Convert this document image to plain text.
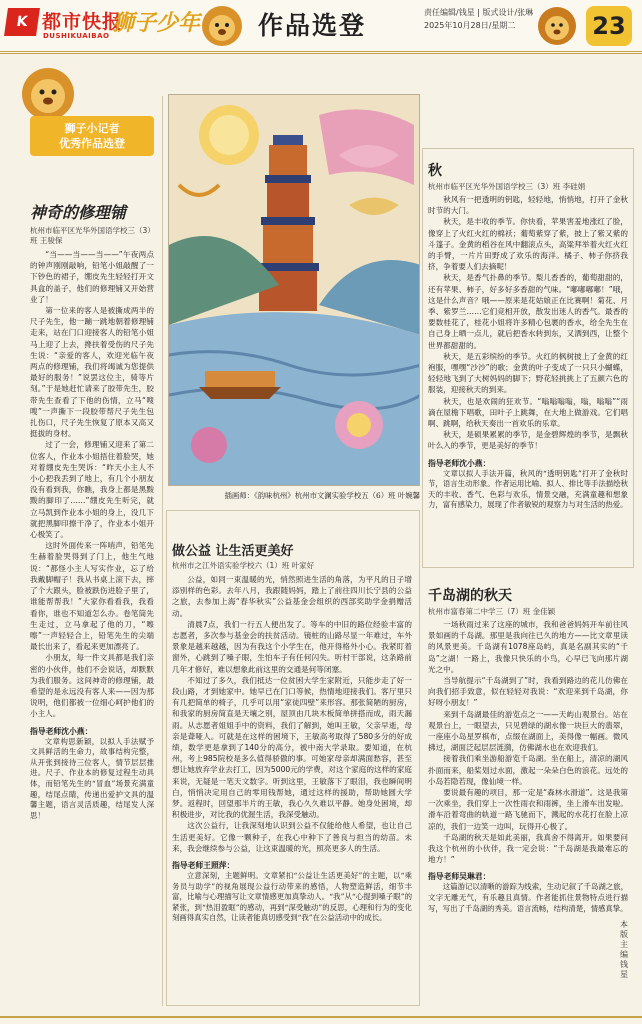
K 都市快报
DUSHIKUAIBAO 狮子少年 作品选登	责任编辑/钱星 | 版式设计/张琳
2025年10月28日/星期二	23
狮子小记者
优秀作品选登
神奇的修理铺
杭州市临平区光华外国语学校三（3）班 王骏保

“当——当——当——”午夜两点的钟声刚刚敲响，铅笔小姐敲醒了一下钞色的裙子，绷皮先生轻轻打开文具盒的盖子，他们的修理铺又开始营业了！

第一位来的客人是被撕成两半的尺子先生，他一蹦一跳地朝着修理铺走来，站在门口迎接客人的铅笔小姐马上迎了上去，搀扶着受伤的尺子先生说：“亲爱的客人，欢迎光临午夜两点的修理铺，我们将竭诚为您提供最好的服务！”说罢这位主，骑等片刻。”于是她赶忙请来了胶带先生，胶带先生查看了下他的伤情，立马“嗖嗖”一声撕下一段胶带帮尺子先生包扎伤口，尺子先生恢复了原本又高又挺拔的身材。

过了一会，修理铺又迎来了第二位客人，作业本小姐捂住着脸哭，她对着绷皮先生哭诉：“昨天小主人不小心把我丢到了地上，有几个小朋友没有看到我，你瞧，我身上都是黑黢黢的脚印了……”绷皮先生听完，就立马凯到作业本小姐的身上，没几下就把黑脚印擦干净了，作业本小姐开心极笑了。

这时外面传来一阵哨声，铅笔先生赫着脸哭得到了门上，他生气地说：“都怪小主人写实作业，忘了给我戴脚帽子！我从书桌上滚下去，摔了个大跟头，脸被跌伤进脸子里了，谁能帮帮我！”大家你看看我，我看看你，谁也不知道怎么办。卷笔筒先生走过，立马拿起了他的刀，“嚓嚓”一声轻轻合上，铅笔先生的尖端最长出来了，看起来更加漂亮了。

小朋友，每一件文具都是我们亲密的小伙伴，他们不会说话，却默默为我们服务。这间神奇的修理铺，最希望的是永远没有客人来——因为那说明，他们都被一位细心呵护他们的小主人。

指导老师沈小燕：

文章构思新颖，以拟人手法赋予文具鲜活的生命力，故事结构完整，从开张到接待三位客人，情节层层推进。尺子、作业本的修复过程生动具体，而铅笔先生的“冒血”场景充满童趣，结尾点睛，传递出爱护文具的温馨主题，语言灵活质趣，结尾发人深思！

插画师：《韵味杭州》杭州市文澜实验学校五（6）班 叶婉馨
做公益 让生活更美好
杭州市之江外语实验学校六（1）班 叶家好

公益，如同一束温暖的光，悄然照进生活的角落，为平凡的日子增添别样的色彩。去年八月，我跟随妈妈，踏上了前往四川长宁县的公益之旅，去参加上海“春华秋实”公益基金会组织的西部奖助学金捐赠活动。

清晨7点，我们一行五人便出发了。等车的中旧的路位经验丰富的志愿者，多次参与基金会的扶贫活动。镜桩的山路尽显一年难过，车外景象是越来越越，因为有我这个小学生在，他开得格外小心。我紧盯着窗外，心跳到了嗓子眼，生怕车子有任何闪失。听村干部说，这条路前几年才修好，难以想象此前这里的交通是何等闭塞。

不知过了多久，我们抵达一位贫困大学生家附近，只能步走了好一段山路，才到她家中。她早已在门口等候，热情地迎接我们。客厅里只有几把简单的椅子，几乎可以用“家徒四壁”来形容。那张简陋的厨房，和我家的厨房简直是天壤之别，屋顶由几块木板简单拼搭而成，雨天漏雨。从志愿者姐姐手中的资料，我们了解到，她叫王敏，父亲早逝，母亲是聋哑人。可就是在这样的困境下，王敏高考取得了580多分的好成绩，数学更是拿到了140分的高分，被中南大学录取。要知道，在杭州，考上985院校是多么值得骄傲的事。可她家母亲却满面愁容，甚至想让她放弃学业去打工，因为5000元的学费，对这个家庭的这样的家庭来说，无疑是一笔天文数字。听到这里，王敏落下了眼泪，我也瞬间明白，悄悄决定用自己的零用钱帮她，通过这样的援助，帮助她圆大学梦。返程时，回望那半片的王敏，我心久久难以平静。她身处困境，却积极进步，对比我的优渥生活，我深受触动。

这次公益行，让我深刻地认识到公益不仅能给他人希望，也让自己生活更美好。它像一颗种子，在我心中种下了善良与担当的幼苗。未来，我会继续参与公益，让这束温暖的光，照亮更多人的生活。

指导老师王照萍：

立意深刻，主题鲜明。文章紧扣“公益让生活更美好”的主题，以“乘务员与助学”的视角展现公益行动带来的感悟，人物塑造鲜活，细节丰富，比喻与心理描写让文章情感更加真挚动人。“我”从“心提到嗓子眼”的紧张，到“热泪盈眶”的感动，再到“深受触动”的反思，心理和行为的变化刻画得真实自然，让读者能真切感受到“我”在公益活动中的成长。

秋
杭州市临平区光华外国语学校三（3）班 李硅娟

秋风有一把透明的钥匙，轻轻地，悄悄地，打开了金秋时节的大门。

秋天，是丰收的季节。你快看，苹果害羞地涨红了脸，像穿上了火红火红的棉袄；葡萄紫穿了紫，披上了紫又紫的斗篷子。金黄的稻谷在风中翻滚点头，高粱拜举着火红火红的手臂，一片片田野成了欢乐的海洋。橘子、柿子你挤我挤，争着要人们去摘呢！

秋天，是香气扑鼻的季节。梨儿香香的，葡萄甜甜的，还有苹果、柿子，好多好多香甜的气味。“嘟嘟嘟嘟！”哦，这是什么声音？哦——原来是花姑娘正在比赛啊！菊花、月季、紫罗兰……它们竞相开放，散发出迷人的香气。最香的要数桂花了，桂花小姐将许多精心包裹的香水，给全先生在自己身上晒一点儿，就后把香水转到东，又洒到西，让整个世界都甜甜的。

秋天，是五彩缤纷的季节。火红的枫树披上了金黄的红袍服，嘿嘿“沙沙”的歌；金黄的叶子变成了一只只小蝴蝶，轻轻地飞到了大树妈妈的脚下；野花轻挑挑上了五颜六色的服装，迎接秋天的到来。

秋天，也是欢闹的狂欢节。“嗡嗡嗡嗡，嗡，嗡嗡”“雨滴在屋檐下唱歌，田叶子上跳舞，在大地上做游戏。它们唱啊、跳啊，给秋天奏出一首欢乐的乐章。

秋天，是硕果累累的季节，是金碧辉煌的季节，是飘秋叶么入的季节，更是美好的季节！

指导老师沈小燕：

文章以拟人手法开篇，秋风的“透明钥匙”打开了金秋时节，语言生动形象。作者运用比喻、拟人、排比等手法描绘秋天的丰收、香气、色彩与欢乐，情景交融，充满童趣和想象力，富有感染力，展现了作者敏锐的观察力与对生活的热爱。

千岛湖的秋天
杭州市富春第二中学三（7）班 金佳颖

一场秋雨过来了这座的城市，我和爸爸妈妈开车前往风景如画的千岛湖。那里是我向往已久的地方——比文章里读的风景更美。千岛湖有1078座岛屿，真是名副其实的“千岛”之湖！一路上，我像只快乐的小鸟，心早已飞向那片湖光之中。

当导航提示“千岛湖到了”时，我看到路边的花儿仿佛在向我们招手致意，似在轻轻对我说：“欢迎来到千岛湖，你好呀小朋友！”

来到千岛湖最佳的游览点之一——天屿山观景台。站在观景台上，一眼望去，只见碧绿的湖水像一块巨大的翡翠，一座座小岛星罗棋布，点缀在湖面上，美得像一幅画。微风拂过，湖面泛起层层涟漪，仿佛湖水也在欢迎我们。

接着我们乘坐游船游览千岛湖。坐在船上，清凉的湖风扑面而来，船桨划过水面，激起一朵朵白色的浪花。远处的小岛若隐若现，像仙境一样。

要说最有趣的项目，那一定是“森林水滑道”。这是我第一次乘坐，我们穿上一次性雨衣和雨裤，坐上滑车出发啦。滑车沿着弯曲的轨道一路飞驰而下，溅起的水花打在脸上凉凉的，我们一边笑一边叫，玩得开心极了。

千岛湖的秋天是如此美丽，我真舍不得离开。如果要问我这个杭州的小伙伴，我一定会说：“千岛湖是我最难忘的地方！”

指导老师吴琳君：

这篇游记以清晰的游踪为线索，生动记叙了千岛湖之旅，文字无雕无气，有乐趣且真情。作者能抓住景物特点进行描写，写出了千岛湖的秀美。语言流畅，结构清楚，情感真挚。

本版主编 钱星
